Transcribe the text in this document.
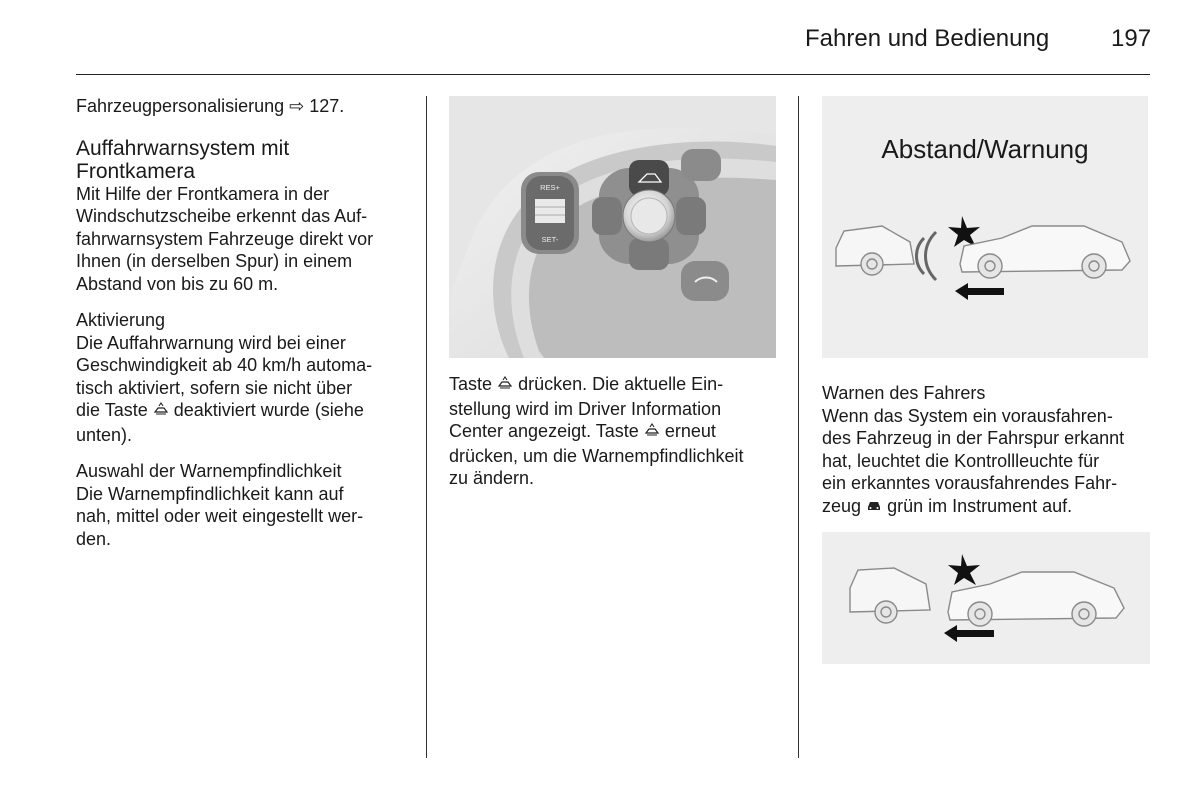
Fahren und Bedienung	197

Fahrzeugpersonalisierung ⇨ 127.

Auffahrwarnsystem mit
Frontkamera

Mit Hilfe der Frontkamera in der
Windschutzscheibe erkennt das Auf-
fahrwarnsystem Fahrzeuge direkt vor
Ihnen (in derselben Spur) in einem
Abstand von bis zu 60 m.

Aktivierung

Die Auffahrwarnung wird bei einer
Geschwindigkeit ab 40 km/h automa-
tisch aktiviert, sofern sie nicht über
die Taste deaktiviert wurde (siehe
unten).

Auswahl der Warnempfindlichkeit

Die Warnempfindlichkeit kann auf
nah, mittel oder weit eingestellt wer-
den.

RES+
SET-

Taste drücken. Die aktuelle Ein-
stellung wird im Driver Information
Center angezeigt. Taste erneut
drücken, um die Warnempfindlichkeit
zu ändern.

Abstand/Warnung

Warnen des Fahrers

Wenn das System ein vorausfahren-
des Fahrzeug in der Fahrspur erkannt
hat, leuchtet die Kontrollleuchte für
ein erkanntes vorausfahrendes Fahr-
zeug grün im Instrument auf.
